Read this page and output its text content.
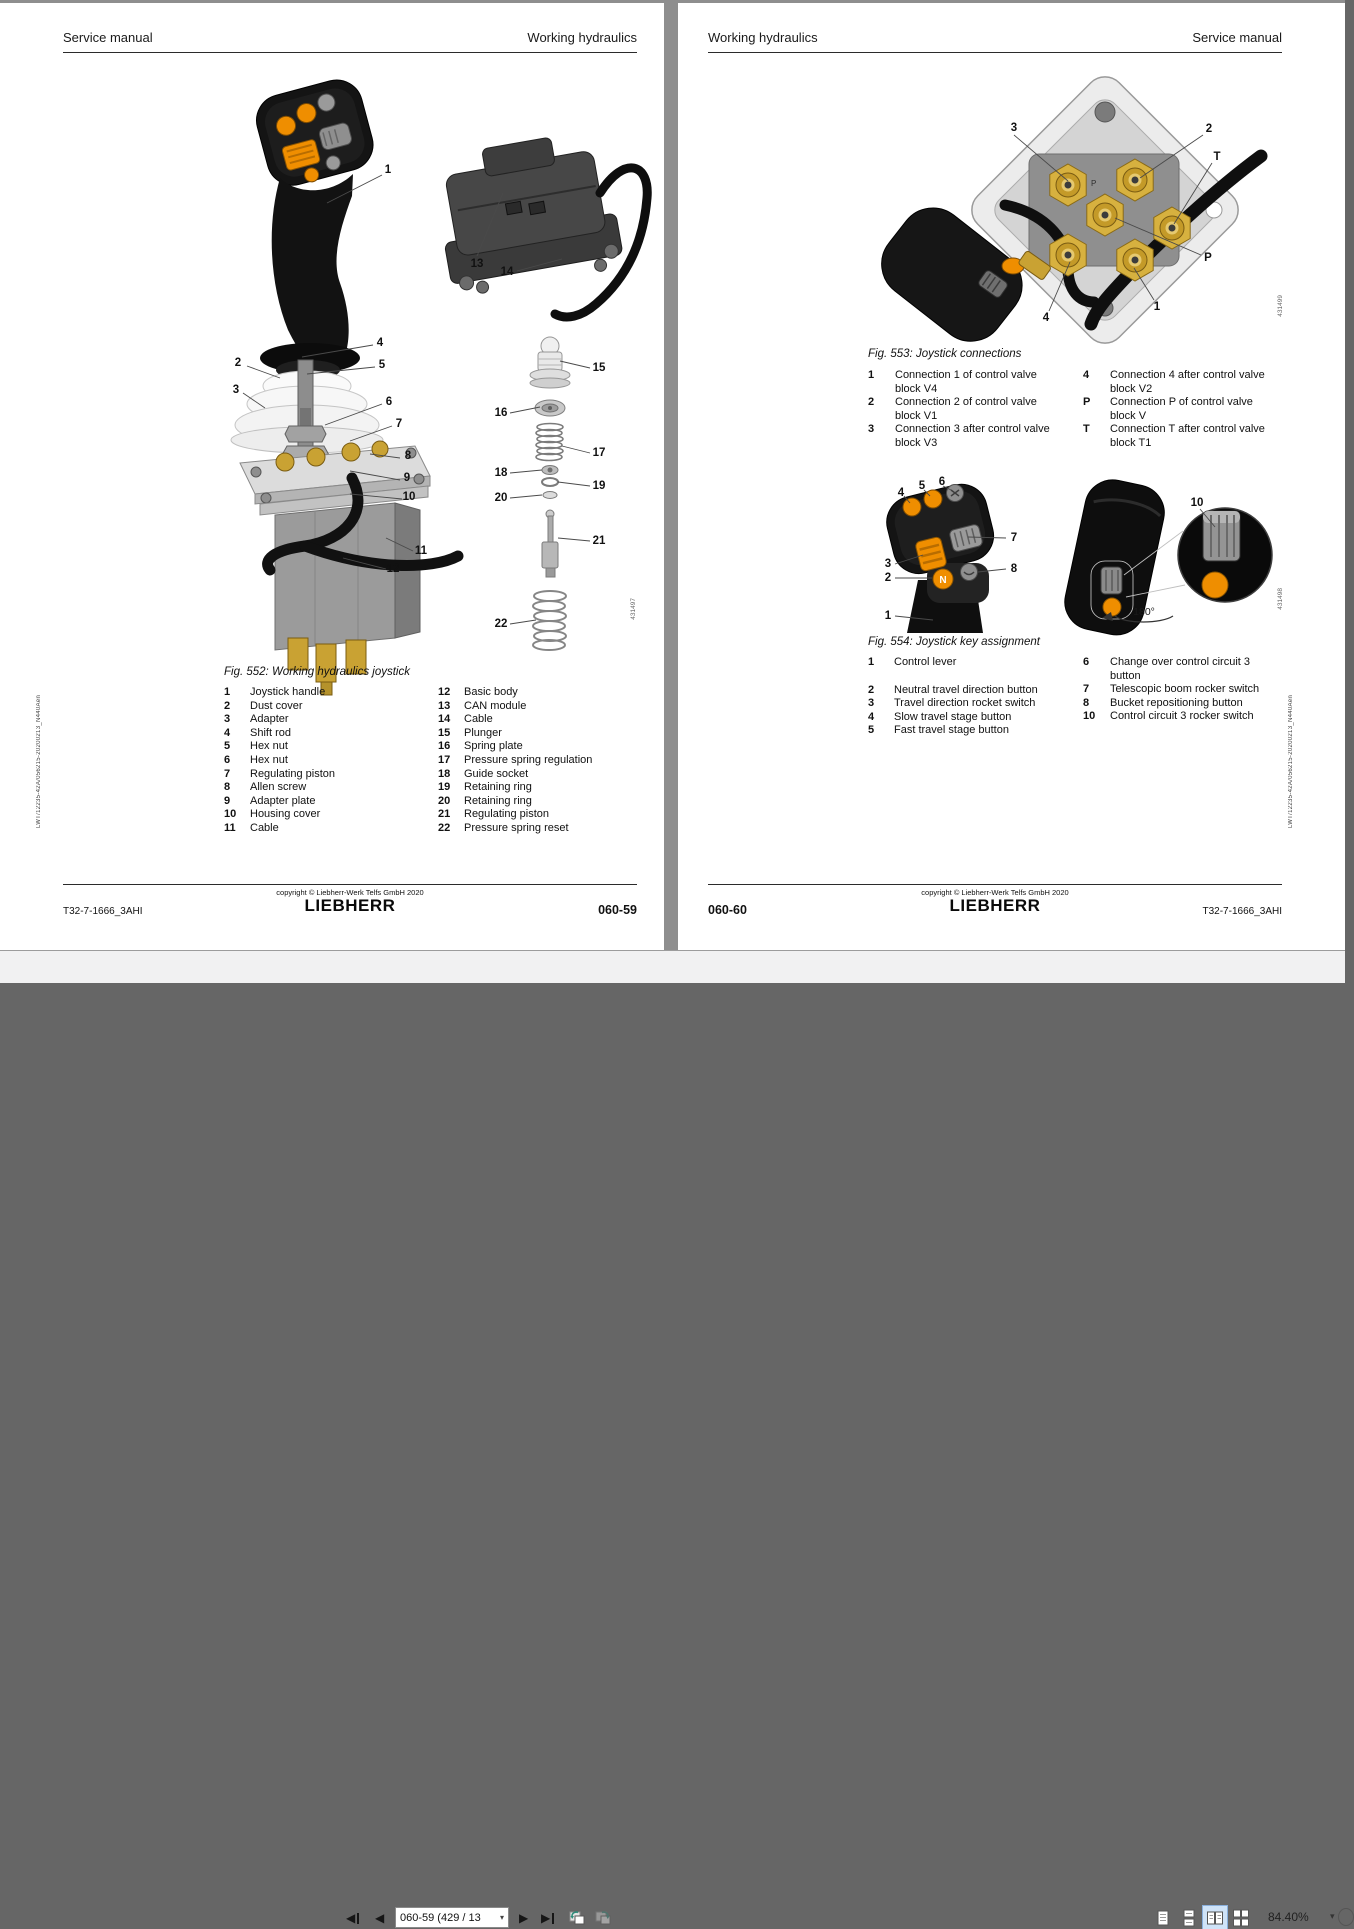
Service manual	Working hydraulics
1
2
3
4
5
6
7
8
9
10
11
12
13
14
15
16
17
18
19
20
21
22
431497
Fig. 552: Working hydraulics joystick
1	Joystick handle
2	Dust cover
3	Adapter
4	Shift rod
5	Hex nut
6	Hex nut
7	Regulating piston
8	Allen screw
9	Adapter plate
10	Housing cover
11	Cable
12	Basic body
13	CAN module
14	Cable
15	Plunger
16	Spring plate
17	Pressure spring regulation
18	Guide socket
19	Retaining ring
20	Retaining ring
21	Regulating piston
22	Pressure spring reset
LWT/12235-42A/056215-20200213_N440Aen
copyright © Liebherr-Werk Telfs GmbH 2020
LIEBHERR
T32-7-1666_3AHI	060-59
Working hydraulics	Service manual
P
3	2
T
P
1
4
431499
Fig. 553: Joystick connections
1	Connection 1 of control valve block V4
2	Connection 2 of control valve block V1
3	Connection 3 after control valve block V3
4	Connection 4 after control valve block V2
P	Connection P of control valve block V
T	Connection T after control valve block T1
N
180°
4
5 6
7
3
2
8
1
10
431498
Fig. 554: Joystick key assignment
1	Control lever
2	Neutral travel direction button
3	Travel direction rocket switch
4	Slow travel stage button
5	Fast travel stage button
6	Change over control circuit 3 button
7	Telescopic boom rocker switch
8	Bucket repositioning button
10	Control circuit 3 rocker switch	LWT/12235-42A/056215-20200213_N440Aen
060-60
copyright © Liebherr-Werk Telfs GmbH 2020
LIEBHERR	T32-7-1666_3AHI
◀ ◀ 060-59 (429 / 13 ▾ ▶ ▶	84.40% ▾
